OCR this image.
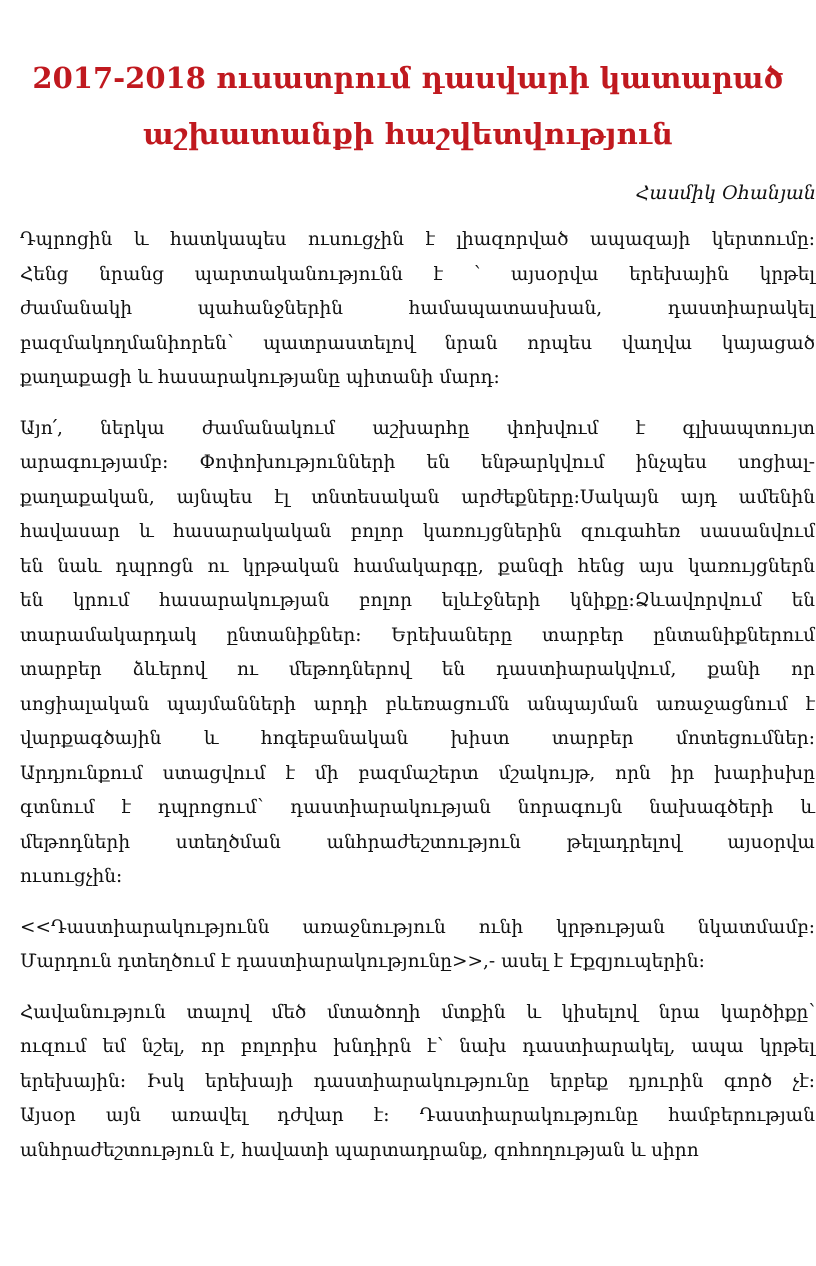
2017-2018 ուսատրում դասվարի կատարած
աշխատանքի հաշվետվություն
Հասմիկ Օհանյան

Դպրոցին և հատկապես ուսուցչին է լիազորված ապազայի կերտումը։
Հենց նրանց պարտականությունն է ՝ այսօրվա երեխային կրթել
ժամանակի պահանջներին համապատասխան, դաստիարակել
բազմակողմանիորեն՝ պատրաստելով նրան որպես վաղվա կայացած
քաղաքացի և հասարակությանը պիտանի մարդ։

Այո՛, ներկա ժամանակում աշխարհը փոխվում է գլխապտույտ
արագությամբ։ Փոփոխությունների են ենթարկվում ինչպես սոցիալ-
քաղաքական, այնպես էլ տնտեսական արժեքները։Սակայն այդ ամենին
հավասար և հասարակական բոլոր կառույցներին զուգահեռ սասանվում
են նաև դպրոցն ու կրթական համակարգը, քանզի հենց այս կառույցներն
են կրում հասարակության բոլոր ելևէջների կնիքը։Ձևավորվում են
տարամակարդակ ընտանիքներ։ Երեխաները տարբեր ընտանիքներում
տարբեր ձևերով ու մեթոդներով են դաստիարակվում, քանի որ
սոցիալական պայմանների արդի բևեռացումն անպայման առաջացնում է
վարքագծային և հոգեբանական խիստ տարբեր մոտեցումներ։
Արդյունքում ստացվում է մի բազմաշերտ մշակույթ, որն իր խարիսխը
գտնում է դպրոցում՝ դաստիարակության նորագույն նախագծերի և
մեթոդների ստեղծման անհրաժեշտություն թելադրելով այսօրվա
ուսուցչին։

<<Դաստիարակությունն առաջնություն ունի կրթության նկատմամբ։
Մարդուն դտեղծում է դաստիարակությունը>>,- ասել է Էքզյուպերին։

Հավանություն տալով մեծ մտածողի մտքին և կիսելով նրա կարծիքը՝
ուզում եմ նշել, որ բոլորիս խնդիրն է՝ նախ դաստիարակել, ապա կրթել
երեխային։ Իսկ երեխայի դաստիարակությունը երբեք դյուրին գործ չէ։
Այսօր այն առավել դժվար է։ Դաստիարակությունը համբերության
անհրաժեշտություն է, հավատի պարտադրանք, զոհողության և սիրո
